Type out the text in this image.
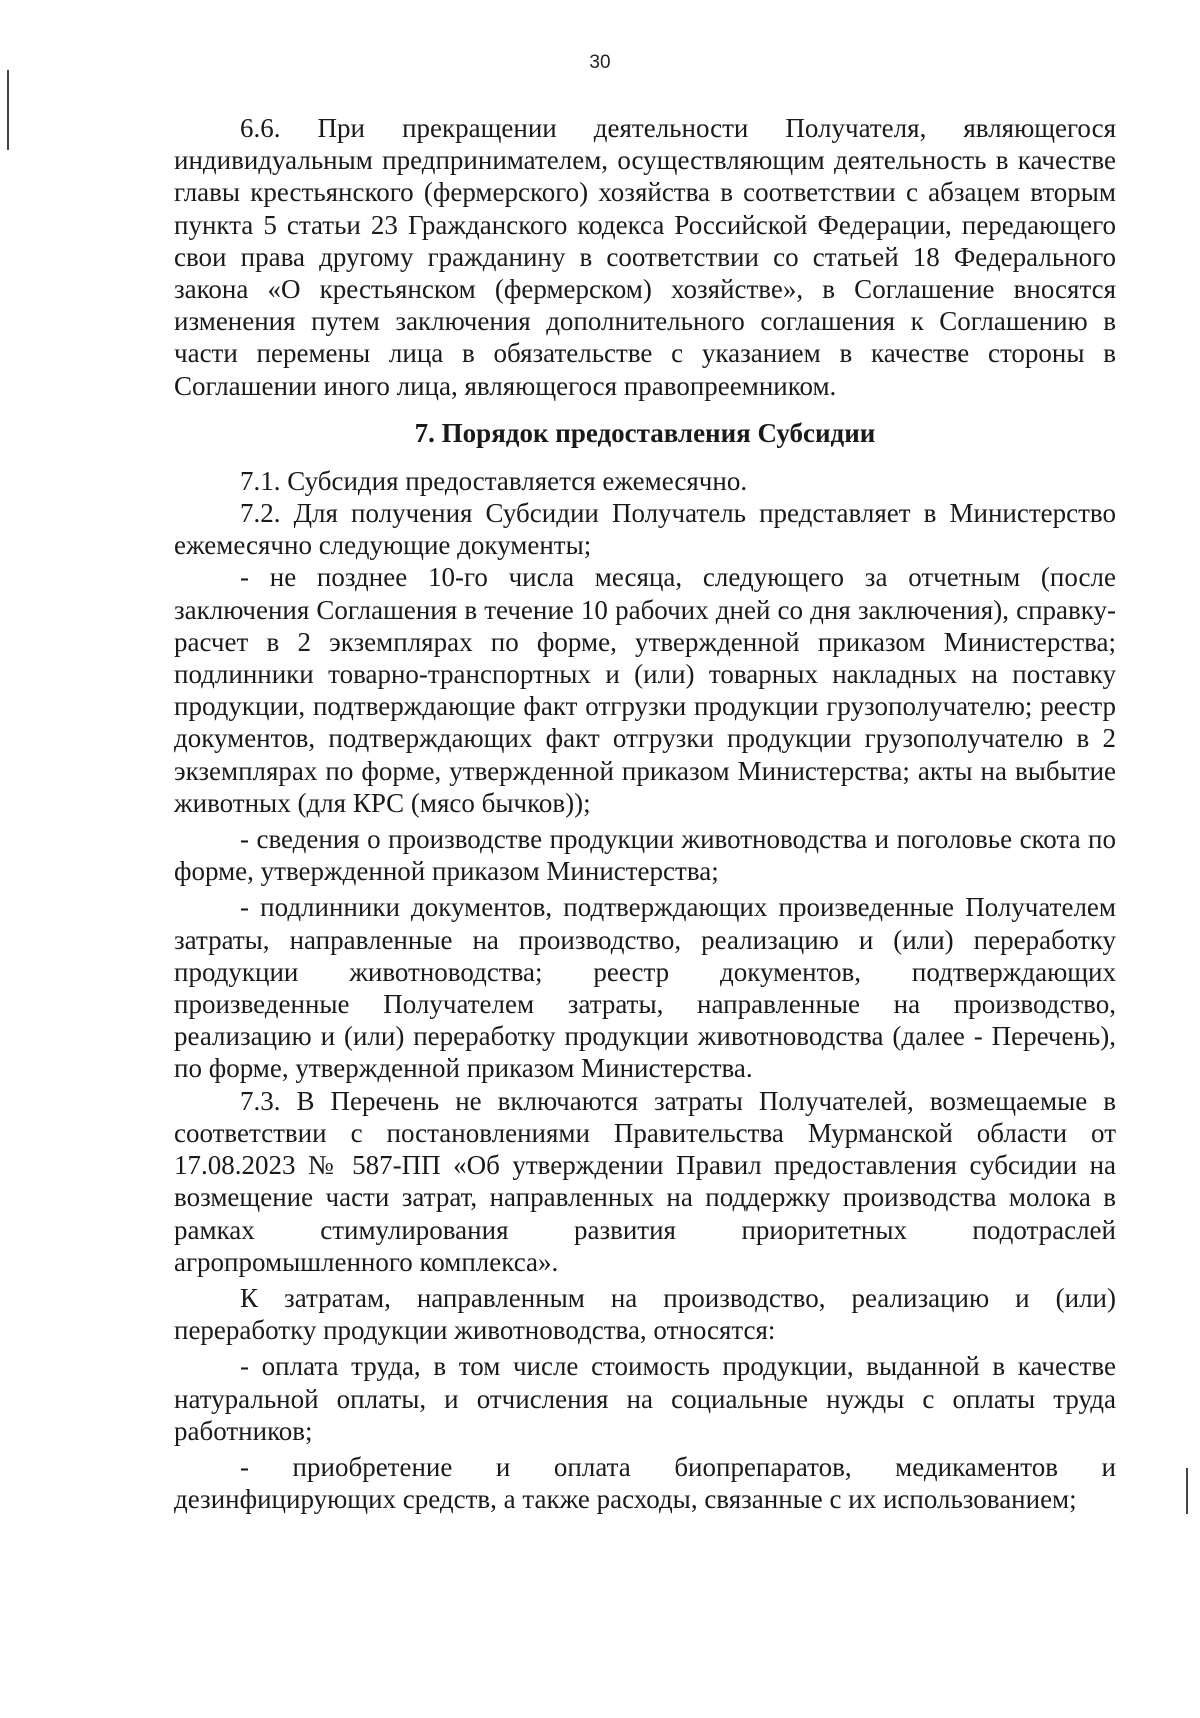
30

6.6. При прекращении деятельности Получателя, являющегося индивидуальным предпринимателем, осуществляющим деятельность в качестве главы крестьянского (фермерского) хозяйства в соответствии с абзацем вторым пункта 5 статьи 23 Гражданского кодекса Российской Федерации, передающего свои права другому гражданину в соответствии со статьей 18 Федерального закона «О крестьянском (фермерском) хозяйстве», в Соглашение вносятся изменения путем заключения дополнительного соглашения к Соглашению в части перемены лица в обязательстве с указанием в качестве стороны в Соглашении иного лица, являющегося правопреемником.

7. Порядок предоставления Субсидии

7.1. Субсидия предоставляется ежемесячно.

7.2. Для получения Субсидии Получатель представляет в Министерство ежемесячно следующие документы;

- не позднее 10-го числа месяца, следующего за отчетным (после заключения Соглашения в течение 10 рабочих дней со дня заключения), справку-расчет в 2 экземплярах по форме, утвержденной приказом Министерства; подлинники товарно-транспортных и (или) товарных накладных на поставку продукции, подтверждающие факт отгрузки продукции грузополучателю; реестр документов, подтверждающих факт отгрузки продукции грузополучателю в 2 экземплярах по форме, утвержденной приказом Министерства; акты на выбытие животных (для КРС (мясо бычков));

- сведения о производстве продукции животноводства и поголовье скота по форме, утвержденной приказом Министерства;

- подлинники документов, подтверждающих произведенные Получателем затраты, направленные на производство, реализацию и (или) переработку продукции животноводства; реестр документов, подтверждающих произведенные Получателем затраты, направленные на производство, реализацию и (или) переработку продукции животноводства (далее - Перечень), по форме, утвержденной приказом Министерства.

7.3. В Перечень не включаются затраты Получателей, возмещаемые в соответствии с постановлениями Правительства Мурманской области от 17.08.2023 № 587-ПП «Об утверждении Правил предоставления субсидии на возмещение части затрат, направленных на поддержку производства молока в рамках стимулирования развития приоритетных подотраслей агропромышленного комплекса».

К затратам, направленным на производство, реализацию и (или) переработку продукции животноводства, относятся:

- оплата труда, в том числе стоимость продукции, выданной в качестве натуральной оплаты, и отчисления на социальные нужды с оплаты труда работников;

- приобретение и оплата биопрепаратов, медикаментов и дезинфицирующих средств, а также расходы, связанные с их использованием;
